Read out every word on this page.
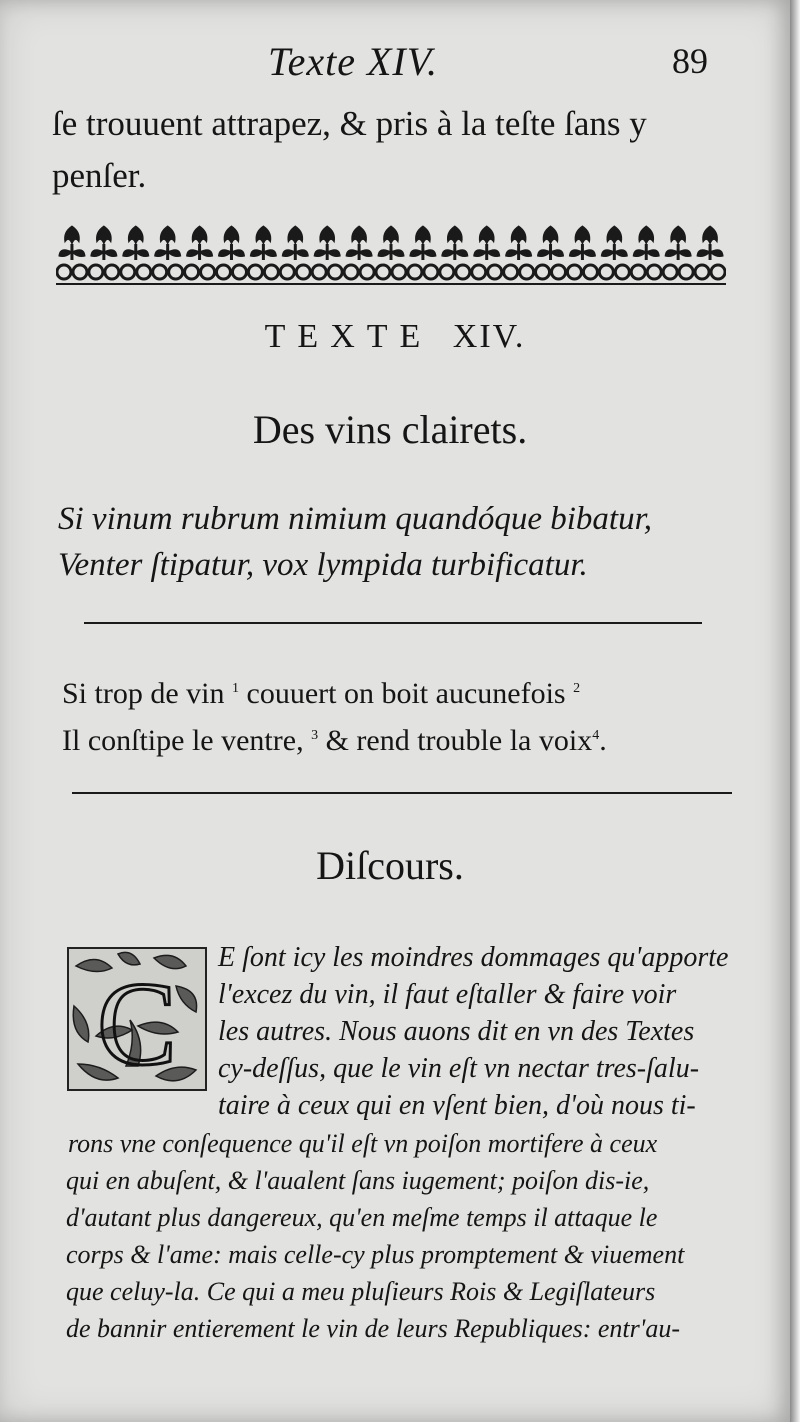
Texte XIV.	89
ſe trouuent attrapez, & pris à la teſte ſans y
penſer.
TEXTE XIV.
Des vins clairets.
Si vinum rubrum nimium quandóque bibatur,
Venter ſtipatur, vox lympida turbificatur.
Si trop de vin $^1$ couuert on boit aucunefois $^2$
Il conſtipe le ventre, $^3$ & rend trouble la voix$^4$.
Diſcours.
C E ſont icy les moindres dommages qu'apporte
l'excez du vin, il faut eſtaller & faire voir
les autres. Nous auons dit en vn des Textes
cy-deſſus, que le vin eſt vn nectar tres-ſalu-
taire à ceux qui en vſent bien, d'où nous ti-
rons vne conſequence qu'il eſt vn poiſon mortifere à ceux
qui en abuſent, & l'aualent ſans iugement; poiſon dis-ie,
d'autant plus dangereux, qu'en meſme temps il attaque le
corps & l'ame: mais celle-cy plus promptement & viuement
que celuy-la. Ce qui a meu pluſieurs Rois & Legiſlateurs
de bannir entierement le vin de leurs Republiques: entr'au-
